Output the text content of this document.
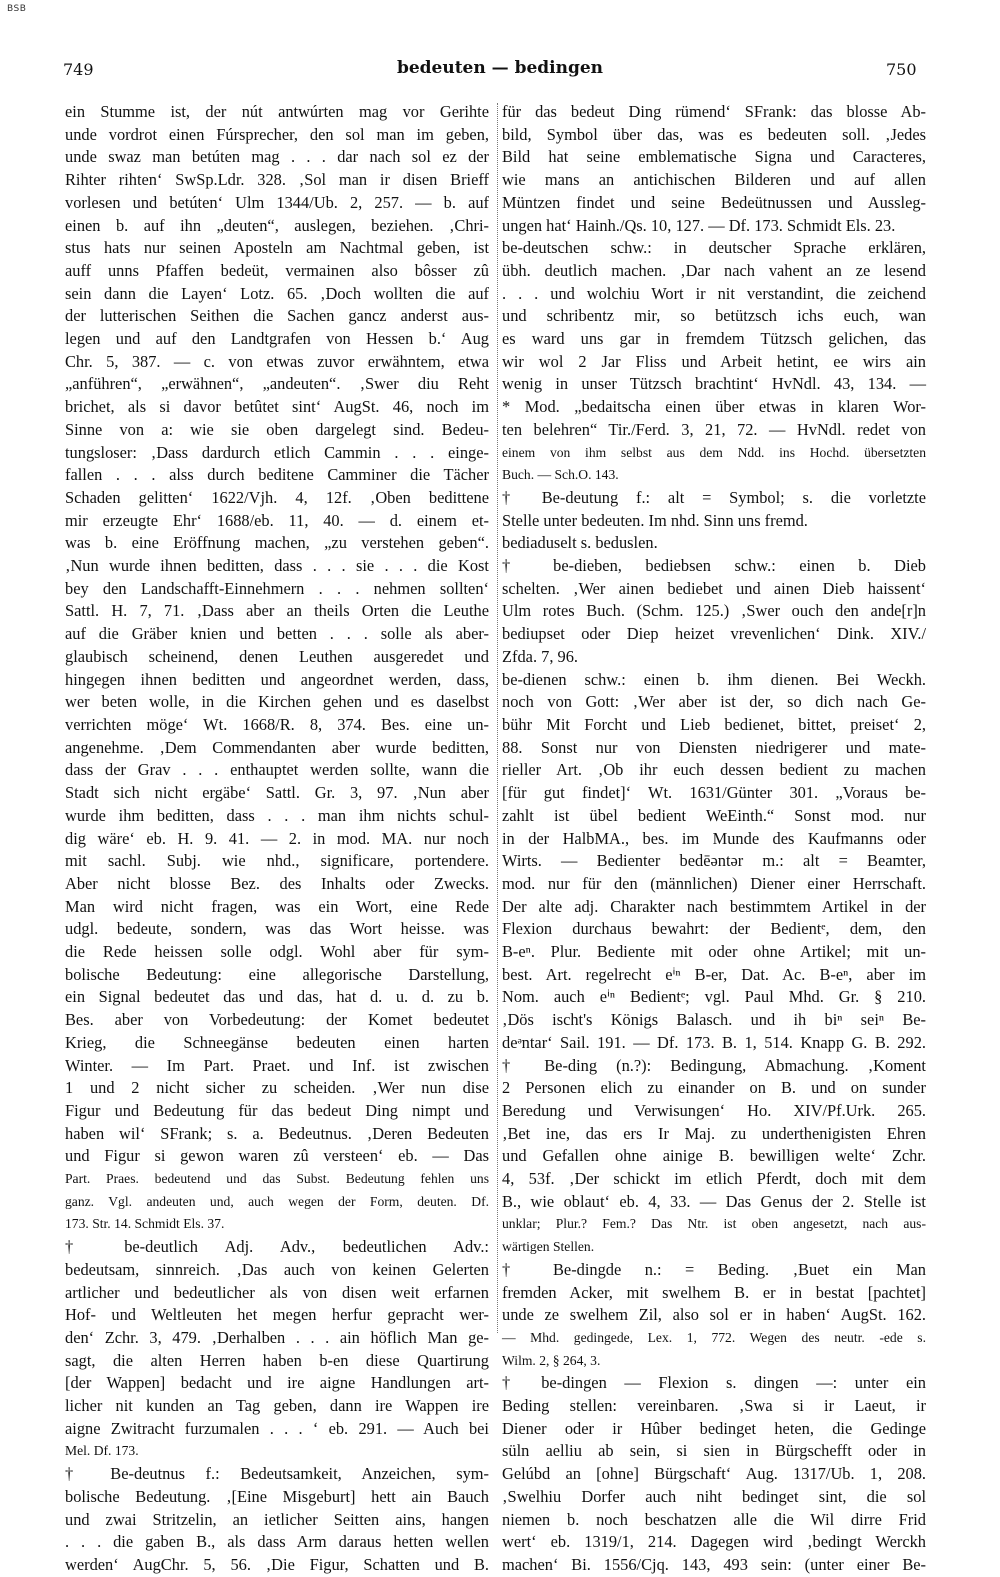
BSB
749	bedeuten — bedingen	750
ein Stumme ist, der nút antwúrten mag vor Gerihte
unde vordrot einen Fúrsprecher, den sol man im geben,
unde swaz man betúten mag . . . dar nach sol ez der
Rihter rihten‘ SwSp.Ldr. 328. ‚Sol man ir disen Brieff
vorlesen und betúten‘ Ulm 1344/Ub. 2, 257. — b. auf
einen b. auf ihn „deuten“, auslegen, beziehen. ‚Chri-
stus hats nur seinen Aposteln am Nachtmal geben, ist
auff unns Pfaffen bedeüt, vermainen also bôsser zû
sein dann die Layen‘ Lotz. 65. ‚Doch wollten die auf
der lutterischen Seithen die Sachen gancz anderst aus-
legen und auf den Landtgrafen von Hessen b.‘ Aug
Chr. 5, 387. — c. von etwas zuvor erwähntem, etwa
„anführen“, „erwähnen“, „andeuten“. ‚Swer diu Reht
brichet, als si davor betûtet sint‘ AugSt. 46, noch im
Sinne von a: wie sie oben dargelegt sind. Bedeu-
tungsloser: ‚Dass dardurch etlich Cammin . . . einge-
fallen . . . alss durch beditene Camminer die Tächer
Schaden gelitten‘ 1622/Vjh. 4, 12f. ‚Oben bedittene
mir erzeugte Ehr‘ 1688/eb. 11, 40. — d. einem et-
was b. eine Eröffnung machen, „zu verstehen geben“.
‚Nun wurde ihnen beditten, dass . . . sie . . . die Kost
bey den Landschafft-Einnehmern . . . nehmen sollten‘
Sattl. H. 7, 71. ‚Dass aber an theils Orten die Leuthe
auf die Gräber knien und betten . . . solle als aber-
glaubisch scheinend, denen Leuthen ausgeredet und
hingegen ihnen beditten und angeordnet werden, dass,
wer beten wolle, in die Kirchen gehen und es daselbst
verrichten möge‘ Wt. 1668/R. 8, 374. Bes. eine un-
angenehme. ‚Dem Commendanten aber wurde beditten,
dass der Grav . . . enthauptet werden sollte, wann die
Stadt sich nicht ergäbe‘ Sattl. Gr. 3, 97. ‚Nun aber
wurde ihm beditten, dass . . . man ihm nichts schul-
dig wäre‘ eb. H. 9. 41. — 2. in mod. MA. nur noch
mit sachl. Subj. wie nhd., significare, portendere.
Aber nicht blosse Bez. des Inhalts oder Zwecks.
Man wird nicht fragen, was ein Wort, eine Rede
udgl. bedeute, sondern, was das Wort heisse. was
die Rede heissen solle odgl. Wohl aber für sym-
bolische Bedeutung: eine allegorische Darstellung,
ein Signal bedeutet das und das, hat d. u. d. zu b.
Bes. aber von Vorbedeutung: der Komet bedeutet
Krieg, die Schneegänse bedeuten einen harten
Winter. — Im Part. Praet. und Inf. ist zwischen
1 und 2 nicht sicher zu scheiden. ‚Wer nun dise
Figur und Bedeutung für das bedeut Ding nimpt und
haben wil‘ SFrank; s. a. Bedeutnus. ‚Deren Bedeuten
und Figur si gewon waren zû versteen‘ eb. — Das
Part. Praes. bedeutend und das Subst. Bedeutung fehlen uns
ganz. Vgl. andeuten und, auch wegen der Form, deuten. Df.
173. Str. 14. Schmidt Els. 37.
† be-deutlich Adj. Adv., bedeutlichen Adv.:
bedeutsam, sinnreich. ‚Das auch von keinen Gelerten
artlicher und bedeutlicher als von disen weit erfarnen
Hof- und Weltleuten het megen herfur gepracht wer-
den‘ Zchr. 3, 479. ‚Derhalben . . . ain höflich Man ge-
sagt, die alten Herren haben b-en diese Quartirung
[der Wappen] bedacht und ire aigne Handlungen art-
licher nit kunden an Tag geben, dann ire Wappen ire
aigne Zwitracht furzumalen . . . ‘ eb. 291. — Auch bei
Mel. Df. 173.
† Be-deutnus f.: Bedeutsamkeit, Anzeichen, sym-
bolische Bedeutung. ‚[Eine Misgeburt] hett ain Bauch
und zwai Stritzelin, an ietlicher Seitten ains, hangen
. . . die gaben B., als dass Arm daraus hetten wellen
werden‘ AugChr. 5, 56. ‚Die Figur, Schatten und B.
für das bedeut Ding rümend‘ SFrank: das blosse Ab-
bild, Symbol über das, was es bedeuten soll. ‚Jedes
Bild hat seine emblematische Signa und Caracteres,
wie mans an antichischen Bilderen und auf allen
Müntzen findet und seine Bedeütnussen und Aussleg-
ungen hat‘ Hainh./Qs. 10, 127. — Df. 173. Schmidt Els. 23.
be-deutschen schw.: in deutscher Sprache erklären,
übh. deutlich machen. ‚Dar nach vahent an ze lesend
. . . und wolchiu Wort ir nit verstandint, die zeichend
und schribentz mir, so betützsch ichs euch, wan
es ward uns gar in fremdem Tützsch gelichen, das
wir wol 2 Jar Fliss und Arbeit hetint, ee wirs ain
wenig in unser Tützsch brachtint‘ HvNdl. 43, 134. —
* Mod. „bedaitscha einen über etwas in klaren Wor-
ten belehren“ Tir./Ferd. 3, 21, 72. — HvNdl. redet von
einem von ihm selbst aus dem Ndd. ins Hochd. übersetzten
Buch. — Sch.O. 143.
† Be-deutung f.: alt = Symbol; s. die vorletzte
Stelle unter bedeuten. Im nhd. Sinn uns fremd.
bediaduselt s. beduslen.
† be-dieben, bediebsen schw.: einen b. Dieb
schelten. ‚Wer ainen bediebet und ainen Dieb haissent‘
Ulm rotes Buch. (Schm. 125.) ‚Swer ouch den ande[r]n
bediupset oder Diep heizet vrevenlichen‘ Dink. XIV./
Zfda. 7, 96.
be-dienen schw.: einen b. ihm dienen. Bei Weckh.
noch von Gott: ‚Wer aber ist der, so dich nach Ge-
bühr Mit Forcht und Lieb bedienet, bittet, preiset‘ 2,
88. Sonst nur von Diensten niedrigerer und mate-
rieller Art. ‚Ob ihr euch dessen bedient zu machen
[für gut findet]‘ Wt. 1631/Günter 301. „Voraus be-
zahlt ist übel bedient WeEinth.“ Sonst mod. nur
in der HalbMA., bes. im Munde des Kaufmanns oder
Wirts. — Bedienter bedēəntər m.: alt = Beamter,
mod. nur für den (männlichen) Diener einer Herrschaft.
Der alte adj. Charakter nach bestimmtem Artikel in der
Flexion durchaus bewahrt: der Bedientᵉ, dem, den
B-eⁿ. Plur. Bediente mit oder ohne Artikel; mit un-
best. Art. regelrecht eⁱⁿ B-er, Dat. Ac. B-eⁿ, aber im
Nom. auch eⁱⁿ Bedientᵉ; vgl. Paul Mhd. Gr. § 210.
‚Dös ischt's Königs Balasch. und ih biⁿ seiⁿ Be-
deᵊntar‘ Sail. 191. — Df. 173. B. 1, 514. Knapp G. B. 292.
† Be-ding (n.?): Bedingung, Abmachung. ‚Koment
2 Personen elich zu einander on B. und on sunder
Beredung und Verwisungen‘ Ho. XIV/Pf.Urk. 265.
‚Bet ine, das ers Ir Maj. zu underthenigisten Ehren
und Gefallen ohne ainige B. bewilligen welte‘ Zchr.
4, 53f. ‚Der schickt im etlich Pferdt, doch mit dem
B., wie oblaut‘ eb. 4, 33. — Das Genus der 2. Stelle ist
unklar; Plur.? Fem.? Das Ntr. ist oben angesetzt, nach aus-
wärtigen Stellen.
† Be-dingde n.: = Beding. ‚Buet ein Man
fremden Acker, mit swelhem B. er in bestat [pachtet]
unde ze swelhem Zil, also sol er in haben‘ AugSt. 162.
— Mhd. gedingede, Lex. 1, 772. Wegen des neutr. -ede s.
Wilm. 2, § 264, 3.
† be-dingen — Flexion s. dingen —: unter ein
Beding stellen: vereinbaren. ‚Swa si ir Laeut, ir
Diener oder ir Hûber bedinget heten, die Gedinge
süln aelliu ab sein, si sien in Bürgschefft oder in
Gelúbd an [ohne] Bürgschaft‘ Aug. 1317/Ub. 1, 208.
‚Swelhiu Dorfer auch niht bedinget sint, die sol
niemen b. noch beschatzen alle die Wil dirre Frid
wert‘ eb. 1319/1, 214. Dagegen wird ‚bedingt Werckh
machen‘ Bi. 1556/Cjq. 143, 493 sein: (unter einer Be-
